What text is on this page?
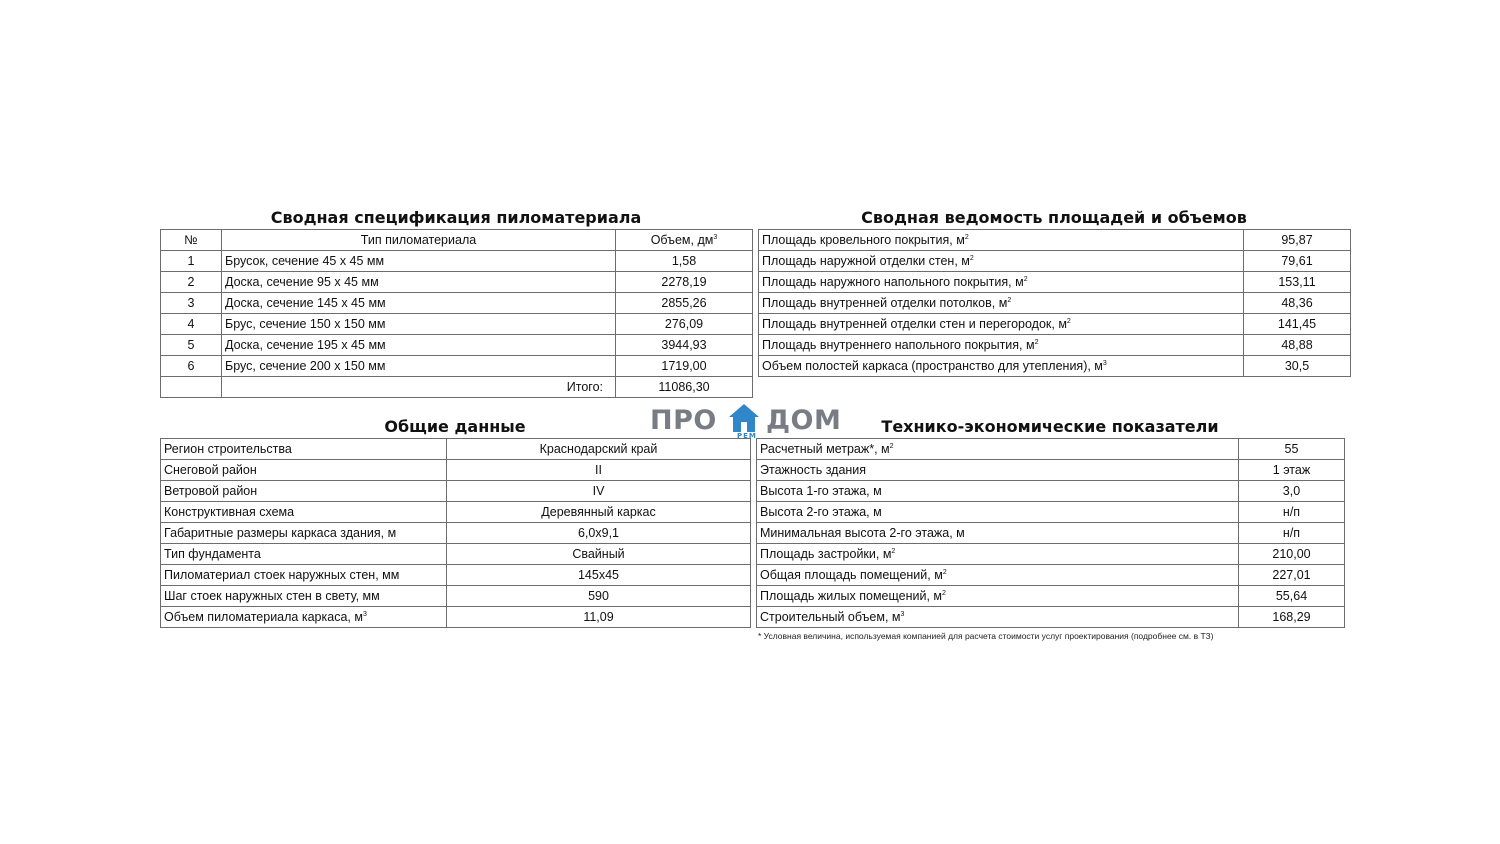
Сводная спецификация пиломатериала
№	Тип пиломатериала	Объем, $дм^3$
1	Брусок, сечение 45 х 45 мм	1,58
2	Доска, сечение 95 х 45 мм	2278,19
3	Доска, сечение 145 х 45 мм	2855,26
4	Брус, сечение 150 х 150 мм	276,09
5	Доска, сечение 195 х 45 мм	3944,93
6	Брус, сечение 200 х 150 мм	1719,00
	Итого:	11086,30
Сводная ведомость площадей и объемов
Площадь кровельного покрытия, $м^2$	95,87
Площадь наружной отделки стен, $м^2$	79,61
Площадь наружного напольного покрытия, $м^2$	153,11
Площадь внутренней отделки потолков, $м^2$	48,36
Площадь внутренней отделки стен и перегородок, $м^2$	141,45
Площадь внутреннего напольного покрытия, $м^2$	48,88
Объем полостей каркаса (пространство для утепления), $м^3$	30,5
Общие данные
Регион строительства	Краснодарский край
Снеговой район	II
Ветровой район	IV
Конструктивная схема	Деревянный каркас
Габаритные размеры каркаса здания, м	6,0х9,1
Тип фундамента	Свайный
Пиломатериал стоек наружных стен, мм	145х45
Шаг стоек наружных стен в свету, мм	590
Объем пиломатериала каркаса, $м^3$	11,09
ПРО	РЕМ ДОМ	Технико-экономические показатели
Расчетный метраж*, $м^2$	55
Этажность здания	1 этаж
Высота 1-го этажа, м	3,0
Высота 2-го этажа, м	н/п
Минимальная высота 2-го этажа, м	н/п
Площадь застройки, $м^2$	210,00
Общая площадь помещений, $м^2$	227,01
Площадь жилых помещений, $м^2$	55,64
Строительный объем, $м^3$	168,29
* Условная величина, используемая компанией для расчета стоимости услуг проектирования (подробнее см. в ТЗ)
